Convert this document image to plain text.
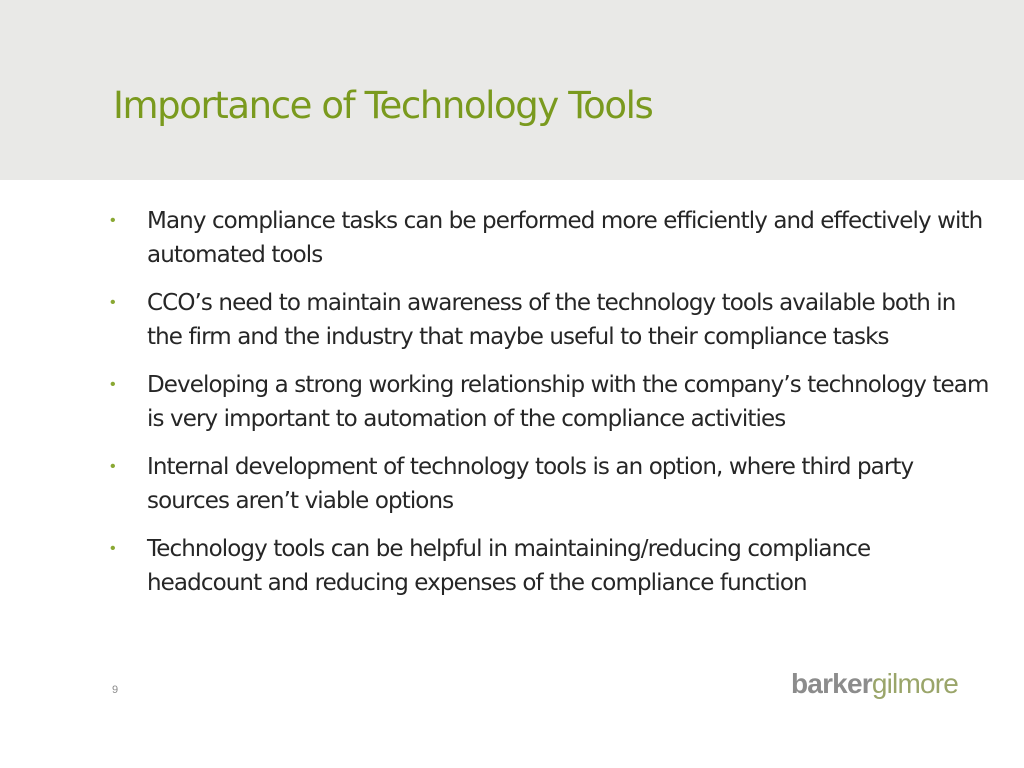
Importance of Technology Tools
•	Many compliance tasks can be performed more efficiently and effectively with automated tools
•	CCO’s need to maintain awareness of the technology tools available both in the firm and the industry that maybe useful to their compliance tasks
•	Developing a strong working relationship with the company’s technology team is very important to automation of the compliance activities
•	Internal development of technology tools is an option, where third party sources aren’t viable options
•	Technology tools can be helpful in maintaining/reducing compliance headcount and reducing expenses of the compliance function
9	barkergilmore
